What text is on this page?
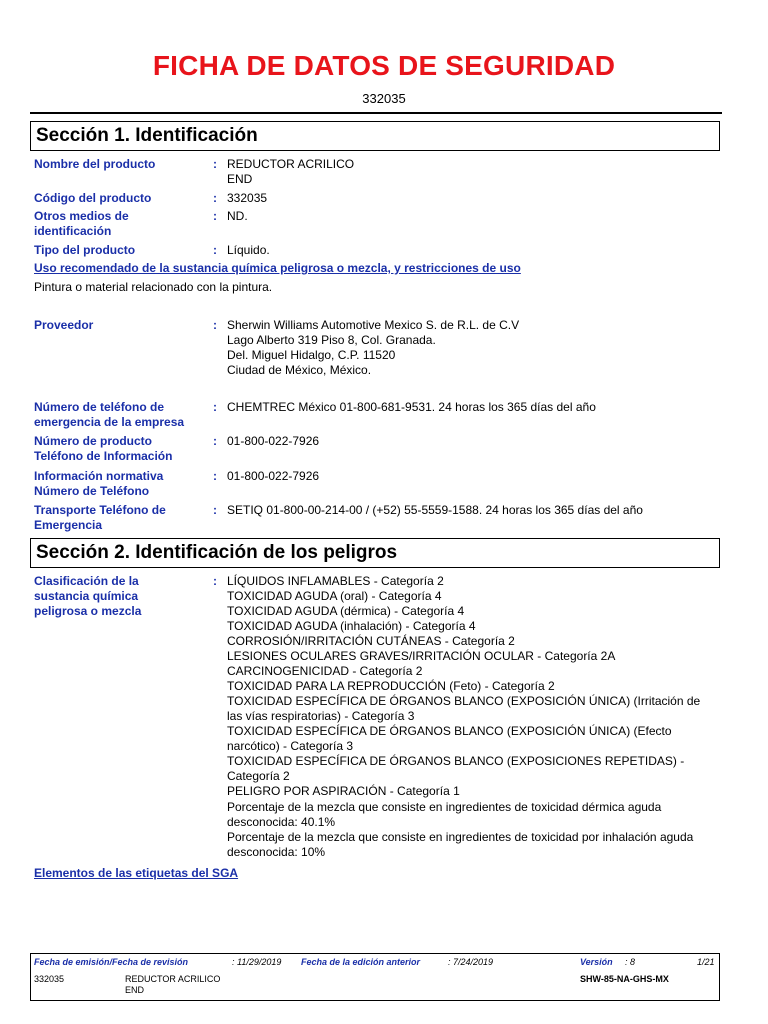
FICHA DE DATOS DE SEGURIDAD
332035
Sección 1. Identificación
Nombre del producto	: REDUCTOR ACRILICO
END
Código del producto	: 332035
Otros medios de identificación
: ND.
Tipo del producto	: Líquido.
Uso recomendado de la sustancia química peligrosa o mezcla, y restricciones de uso
Pintura o material relacionado con la pintura.
Proveedor	: Sherwin Williams Automotive Mexico S. de R.L. de C.V
Lago Alberto 319 Piso 8, Col. Granada.
Del. Miguel Hidalgo, C.P. 11520
Ciudad de México, México.
Número de teléfono de emergencia de la empresa
: CHEMTREC México 01-800-681-9531. 24 horas los 365 días del año
Número de producto Teléfono de Información
: 01-800-022-7926
Información normativa Número de Teléfono
: 01-800-022-7926
Transporte Teléfono de Emergencia
: SETIQ 01-800-00-214-00 / (+52) 55-5559-1588. 24 horas los 365 días del año
Sección 2. Identificación de los peligros
Clasificación de la sustancia química peligrosa o mezcla
: LÍQUIDOS INFLAMABLES - Categoría 2
TOXICIDAD AGUDA (oral) - Categoría 4
TOXICIDAD AGUDA (dérmica) - Categoría 4
TOXICIDAD AGUDA (inhalación) - Categoría 4
CORROSIÓN/IRRITACIÓN CUTÁNEAS - Categoría 2
LESIONES OCULARES GRAVES/IRRITACIÓN OCULAR - Categoría 2A
CARCINOGENICIDAD - Categoría 2
TOXICIDAD PARA LA REPRODUCCIÓN (Feto) - Categoría 2
TOXICIDAD ESPECÍFICA DE ÓRGANOS BLANCO (EXPOSICIÓN ÚNICA) (Irritación de las vías respiratorias) - Categoría 3
TOXICIDAD ESPECÍFICA DE ÓRGANOS BLANCO (EXPOSICIÓN ÚNICA) (Efecto narcótico) - Categoría 3
TOXICIDAD ESPECÍFICA DE ÓRGANOS BLANCO (EXPOSICIONES REPETIDAS) - Categoría 2
PELIGRO POR ASPIRACIÓN - Categoría 1
Porcentaje de la mezcla que consiste en ingredientes de toxicidad dérmica aguda desconocida: 40.1%
Porcentaje de la mezcla que consiste en ingredientes de toxicidad por inhalación aguda desconocida: 10%
Elementos de las etiquetas del SGA
Fecha de emisión/Fecha de revisión	: 11/29/2019 Fecha de la edición anterior	: 7/24/2019	Versión : 8	1/21
332035	REDUCTOR ACRILICO
END
SHW-85-NA-GHS-MX
